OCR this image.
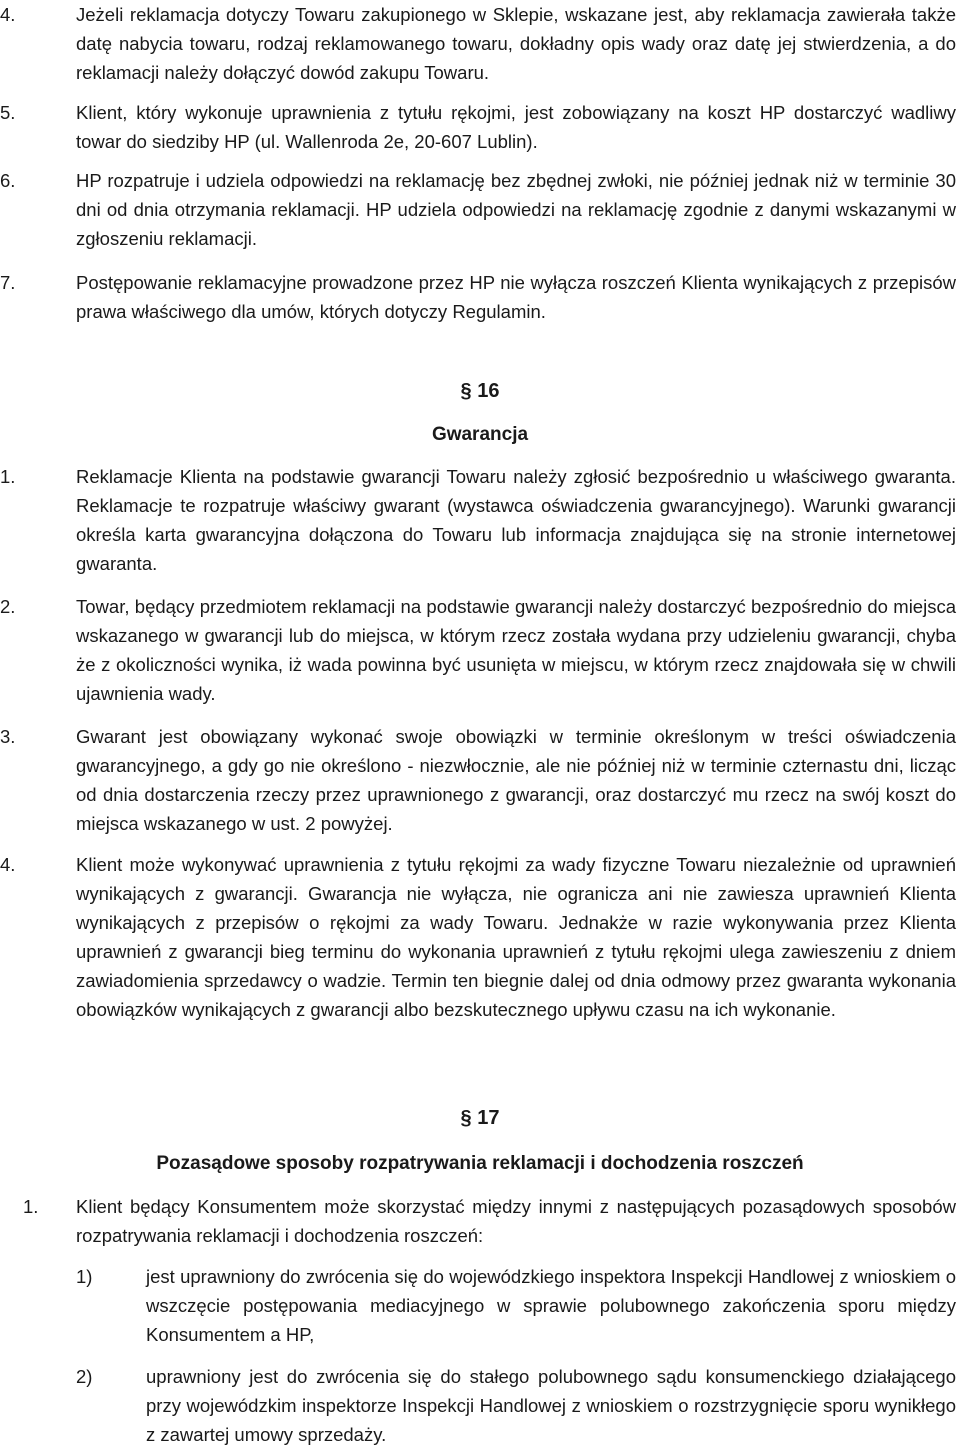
4.	Jeżeli reklamacja dotyczy Towaru zakupionego w Sklepie, wskazane jest, aby reklamacja zawierała także datę nabycia towaru, rodzaj reklamowanego towaru, dokładny opis wady oraz datę jej stwierdzenia, a do reklamacji należy dołączyć dowód zakupu Towaru.
5.	Klient, który wykonuje uprawnienia z tytułu rękojmi, jest zobowiązany na koszt HP dostarczyć wadliwy towar do siedziby HP (ul. Wallenroda 2e, 20-607 Lublin).
6.	HP rozpatruje i udziela odpowiedzi na reklamację bez zbędnej zwłoki, nie później jednak niż w terminie 30 dni od dnia otrzymania reklamacji. HP udziela odpowiedzi na reklamację zgodnie z danymi wskazanymi w zgłoszeniu reklamacji.
7.	Postępowanie reklamacyjne prowadzone przez HP nie wyłącza roszczeń Klienta wynikających z przepisów prawa właściwego dla umów, których dotyczy Regulamin.
§ 16
Gwarancja
1.	Reklamacje Klienta na podstawie gwarancji Towaru należy zgłosić bezpośrednio u właściwego gwaranta. Reklamacje te rozpatruje właściwy gwarant (wystawca oświadczenia gwarancyjnego). Warunki gwarancji określa karta gwarancyjna dołączona do Towaru lub informacja znajdująca się na stronie internetowej gwaranta.
2.	Towar, będący przedmiotem reklamacji na podstawie gwarancji należy dostarczyć bezpośrednio do miejsca wskazanego w gwarancji lub do miejsca, w którym rzecz została wydana przy udzieleniu gwarancji, chyba że z okoliczności wynika, iż wada powinna być usunięta w miejscu, w którym rzecz znajdowała się w chwili ujawnienia wady.
3.	Gwarant jest obowiązany wykonać swoje obowiązki w terminie określonym w treści oświadczenia gwarancyjnego, a gdy go nie określono - niezwłocznie, ale nie później niż w terminie czternastu dni, licząc od dnia dostarczenia rzeczy przez uprawnionego z gwarancji, oraz dostarczyć mu rzecz na swój koszt do miejsca wskazanego w ust. 2 powyżej.
4.	Klient może wykonywać uprawnienia z tytułu rękojmi za wady fizyczne Towaru niezależnie od uprawnień wynikających z gwarancji. Gwarancja nie wyłącza, nie ogranicza ani nie zawiesza uprawnień Klienta wynikających z przepisów o rękojmi za wady Towaru. Jednakże w razie wykonywania przez Klienta uprawnień z gwarancji bieg terminu do wykonania uprawnień z tytułu rękojmi ulega zawieszeniu z dniem zawiadomienia sprzedawcy o wadzie. Termin ten biegnie dalej od dnia odmowy przez gwaranta wykonania obowiązków wynikających z gwarancji albo bezskutecznego upływu czasu na ich wykonanie.
§ 17
Pozasądowe sposoby rozpatrywania reklamacji i dochodzenia roszczeń
1.	Klient będący Konsumentem może skorzystać między innymi z następujących pozasądowych sposobów rozpatrywania reklamacji i dochodzenia roszczeń:
1)	jest uprawniony do zwrócenia się do wojewódzkiego inspektora Inspekcji Handlowej z wnioskiem o wszczęcie postępowania mediacyjnego w sprawie polubownego zakończenia sporu między Konsumentem a HP,
2)	uprawniony jest do zwrócenia się do stałego polubownego sądu konsumenckiego działającego przy wojewódzkim inspektorze Inspekcji Handlowej z wnioskiem o rozstrzygnięcie sporu wynikłego z zawartej umowy sprzedaży.
